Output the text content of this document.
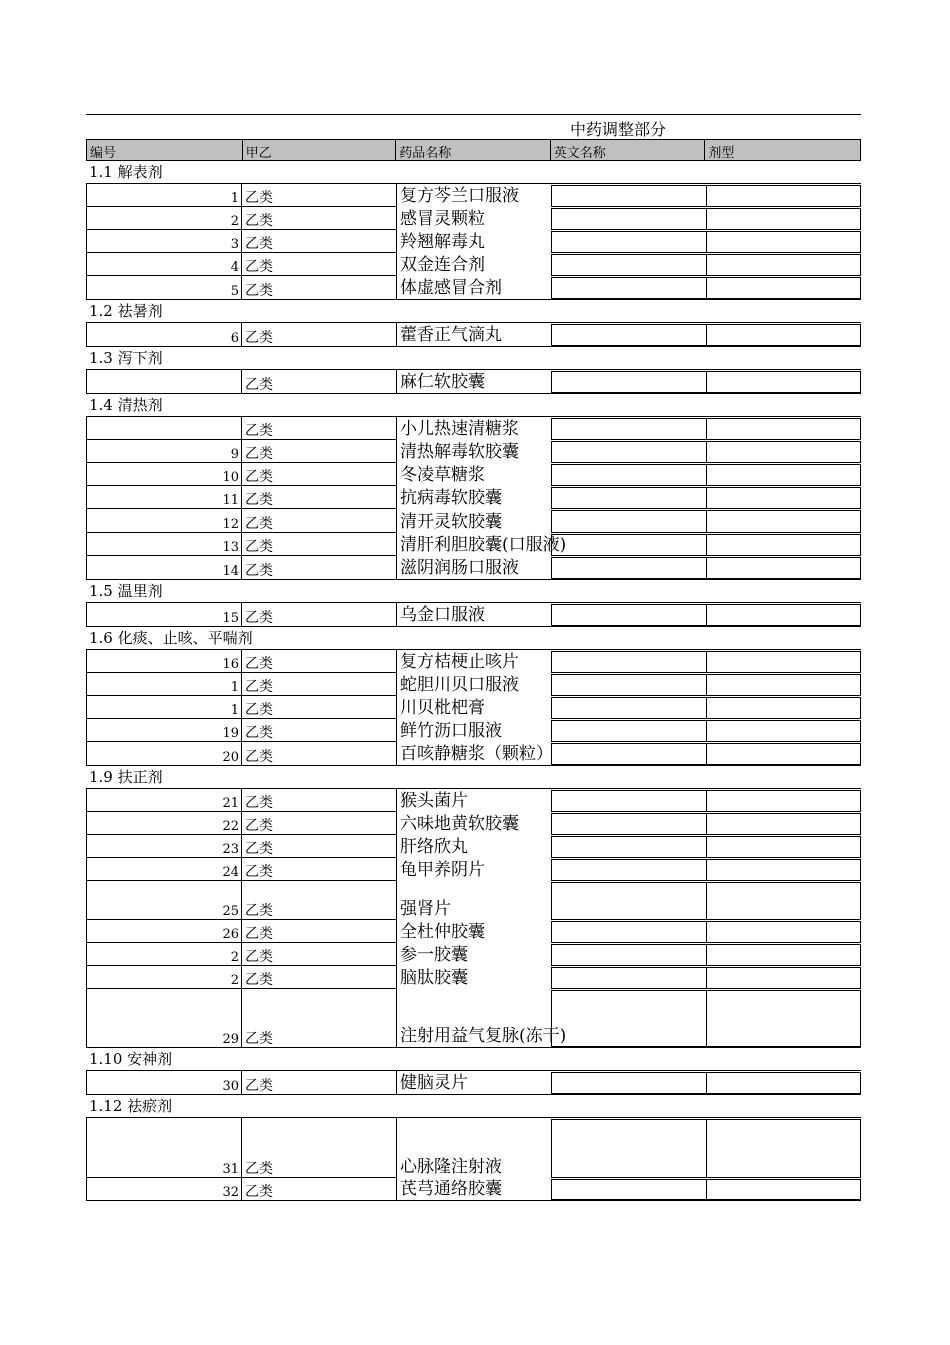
中药调整部分
编号	甲乙	药品名称	英文名称	剂型
1.1 解表剂
1 乙类	复方芩兰口服液
2 乙类	感冒灵颗粒
3 乙类	羚翘解毒丸
4 乙类	双金连合剂
5 乙类	体虚感冒合剂
1.2 祛暑剂
6 乙类	藿香正气滴丸
1.3 泻下剂
乙类	麻仁软胶囊
1.4 清热剂
乙类	小儿热速清糖浆
9 乙类	清热解毒软胶囊
10 乙类	冬凌草糖浆
11 乙类	抗病毒软胶囊
12 乙类	清开灵软胶囊
13 乙类	清肝利胆胶囊(口服液)
14 乙类	滋阴润肠口服液
1.5 温里剂
15 乙类	乌金口服液
1.6 化痰、止咳、平喘剂
16 乙类	复方桔梗止咳片
1 乙类	蛇胆川贝口服液
1 乙类	川贝枇杷膏
19 乙类	鲜竹沥口服液
20 乙类	百咳静糖浆（颗粒）
1.9 扶正剂
21 乙类	猴头菌片
22 乙类	六味地黄软胶囊
23 乙类	肝络欣丸
24 乙类	龟甲养阴片
25 乙类	强肾片
26 乙类	全杜仲胶囊
2 乙类	参一胶囊
2 乙类	脑肽胶囊
29 乙类	注射用益气复脉(冻干)
1.10 安神剂
30 乙类	健脑灵片
1.12 祛瘀剂
31 乙类	心脉隆注射液
32 乙类	芪芎通络胶囊
